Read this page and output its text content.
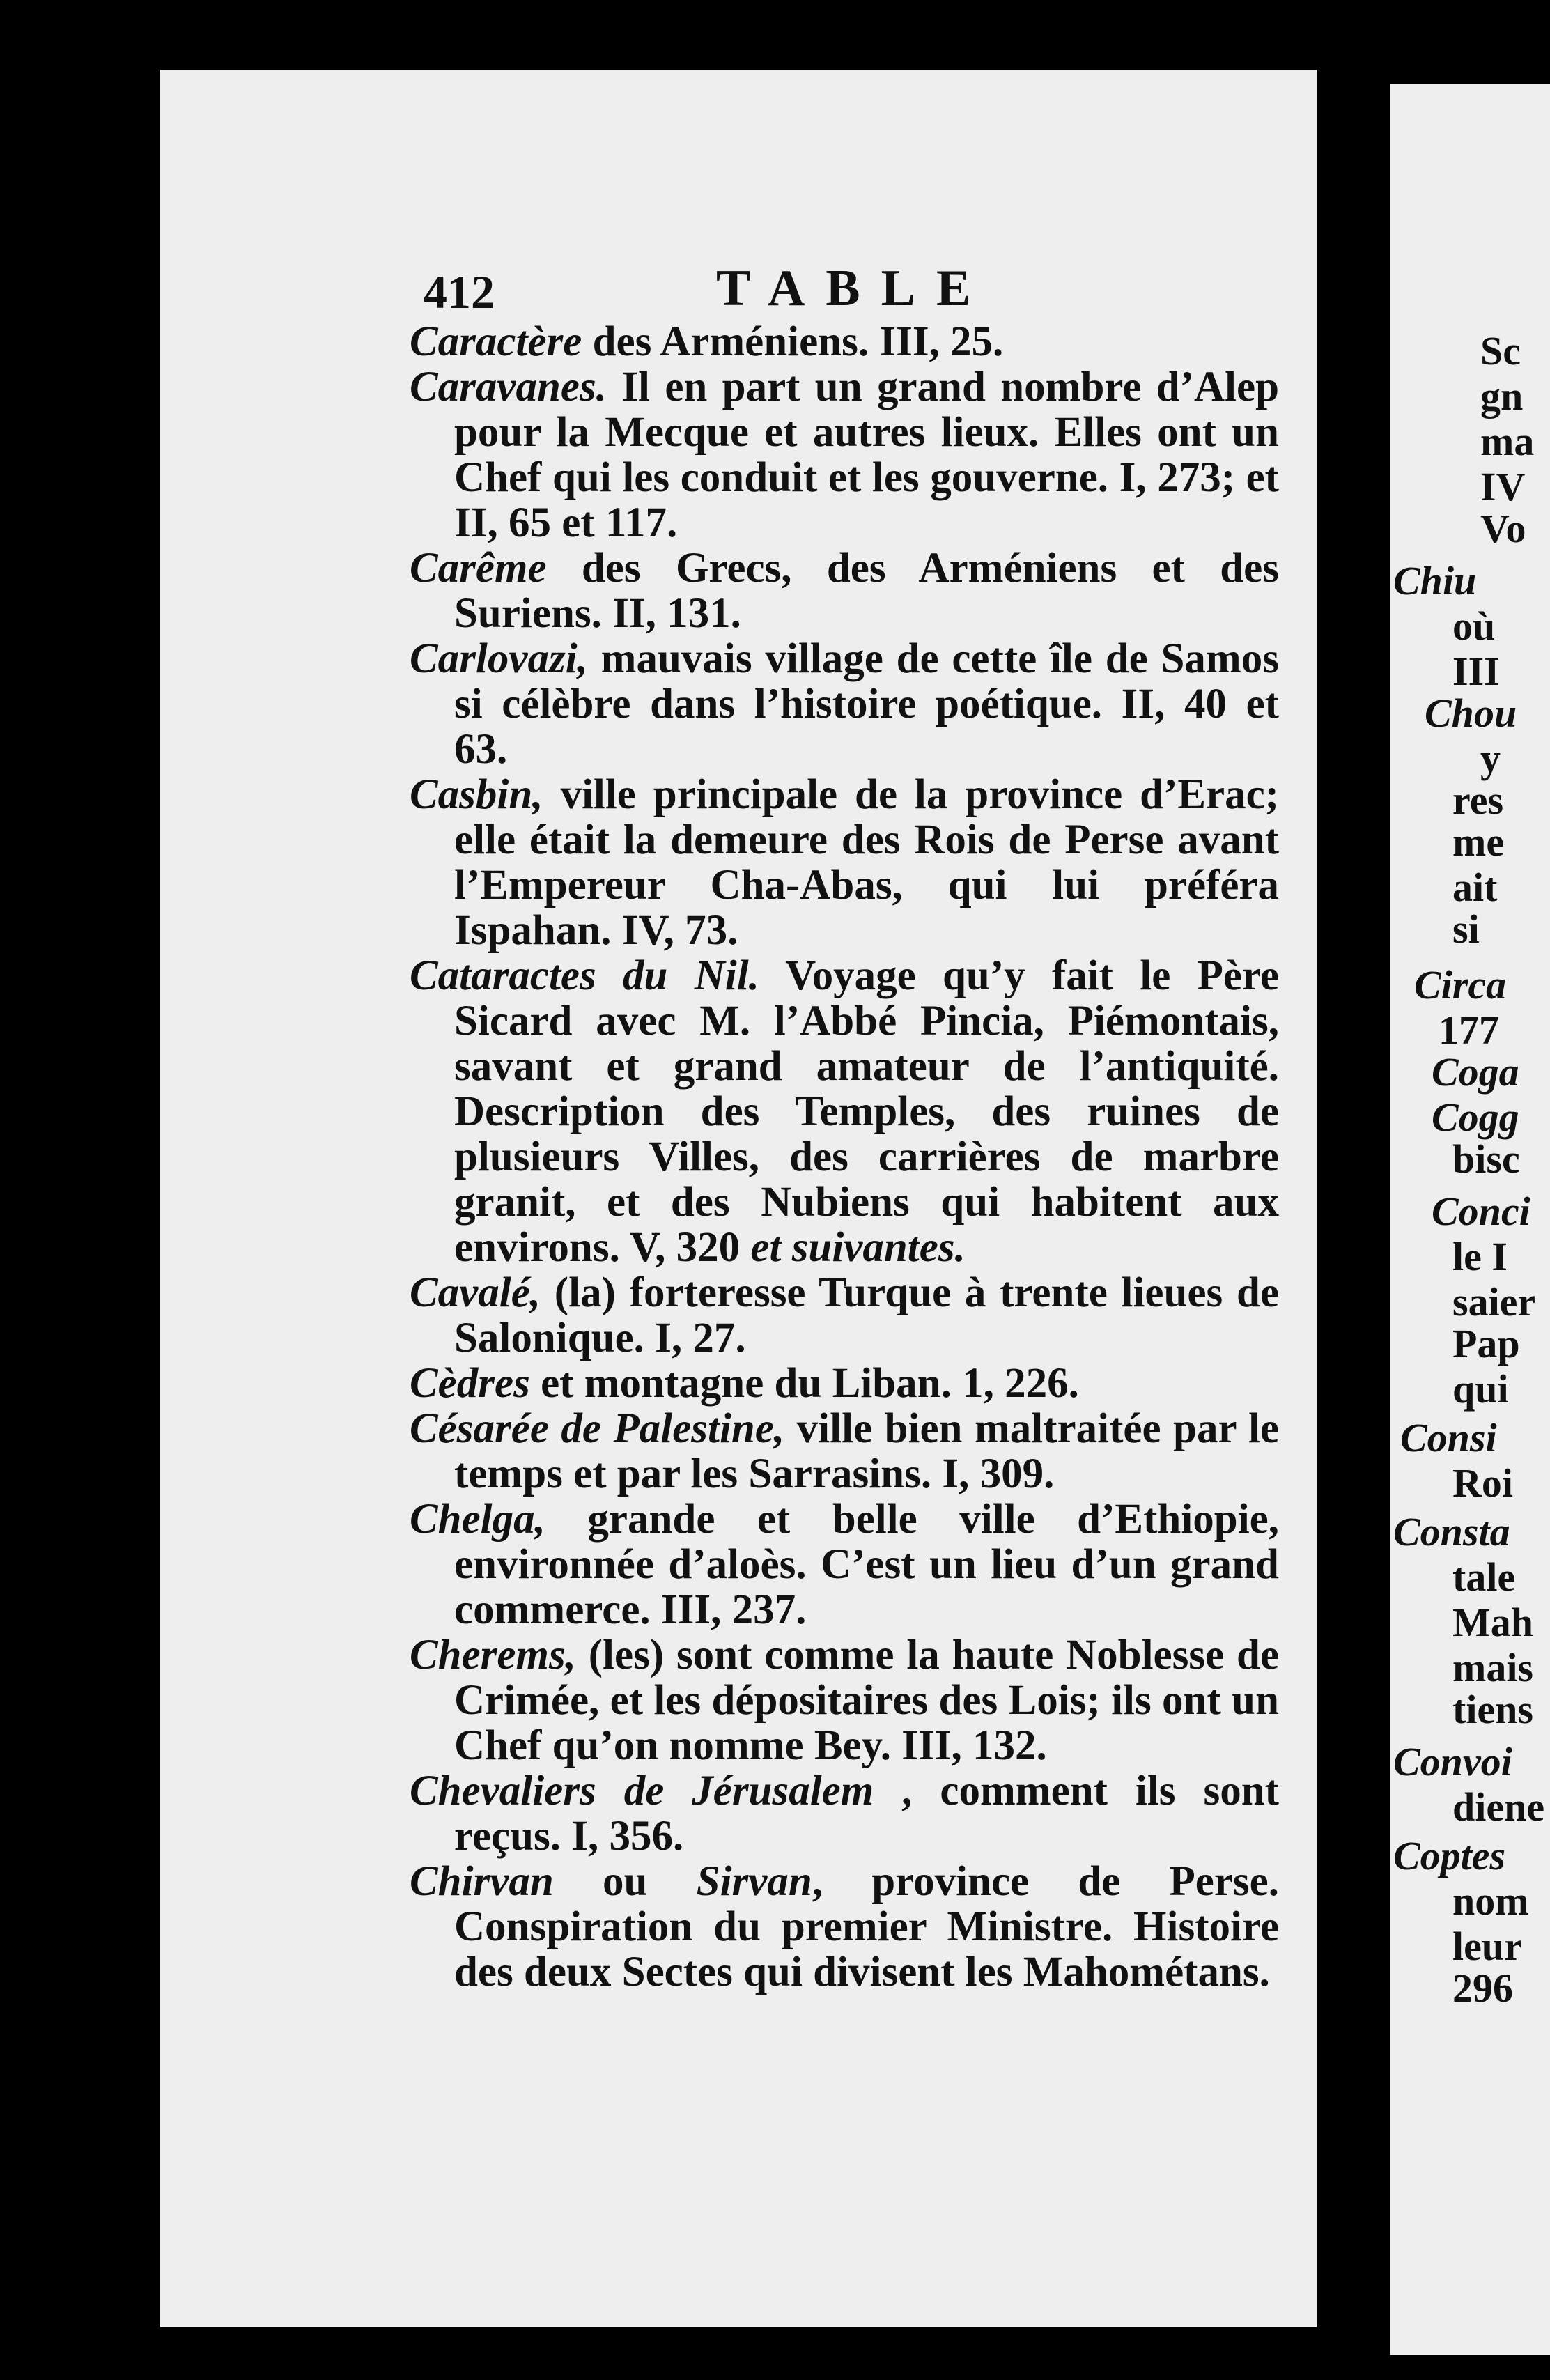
Sc
gn
ma
IV
Vo
Chiu
où
III
Chou
y
res
me
ait
si
Circa
177
Coga
Cogg
bisc
Conci
le I
saier
Pap
qui
Consi
Roi
Consta
tale
Mah
mais
tiens
Convoi
diene
Coptes
nom
leur
296
412	TABLE
Caractère des Arméniens. III, 25.
Caravanes. Il en part un grand nombre d’Alep pour la Mecque et autres lieux. Elles ont un Chef qui les conduit et les gouverne. I, 273; et II, 65 et 117.
Carême des Grecs, des Arméniens et des Suriens. II, 131.
Carlovazi, mauvais village de cette île de Samos si célèbre dans l’histoire poétique. II, 40 et 63.
Casbin, ville principale de la province d’Erac; elle était la demeure des Rois de Perse avant l’Empereur Cha-Abas, qui lui préféra Ispahan. IV, 73.
Cataractes du Nil. Voyage qu’y fait le Père Sicard avec M. l’Abbé Pincia, Piémontais, savant et grand amateur de l’antiquité. Description des Temples, des ruines de plusieurs Villes, des carrières de marbre granit, et des Nubiens qui habitent aux environs. V, 320 et suivantes.
Cavalé, (la) forteresse Turque à trente lieues de Salonique. I, 27.
Cèdres et montagne du Liban. 1, 226.
Césarée de Palestine, ville bien maltraitée par le temps et par les Sarrasins. I, 309.
Chelga, grande et belle ville d’Ethiopie, environnée d’aloès. C’est un lieu d’un grand commerce. III, 237.
Cherems, (les) sont comme la haute Noblesse de Crimée, et les dépositaires des Lois; ils ont un Chef qu’on nomme Bey. III, 132.
Chevaliers de Jérusalem , comment ils sont reçus. I, 356.
Chirvan ou Sirvan, province de Perse. Conspiration du premier Ministre. Histoire des deux Sectes qui divisent les Mahométans.
